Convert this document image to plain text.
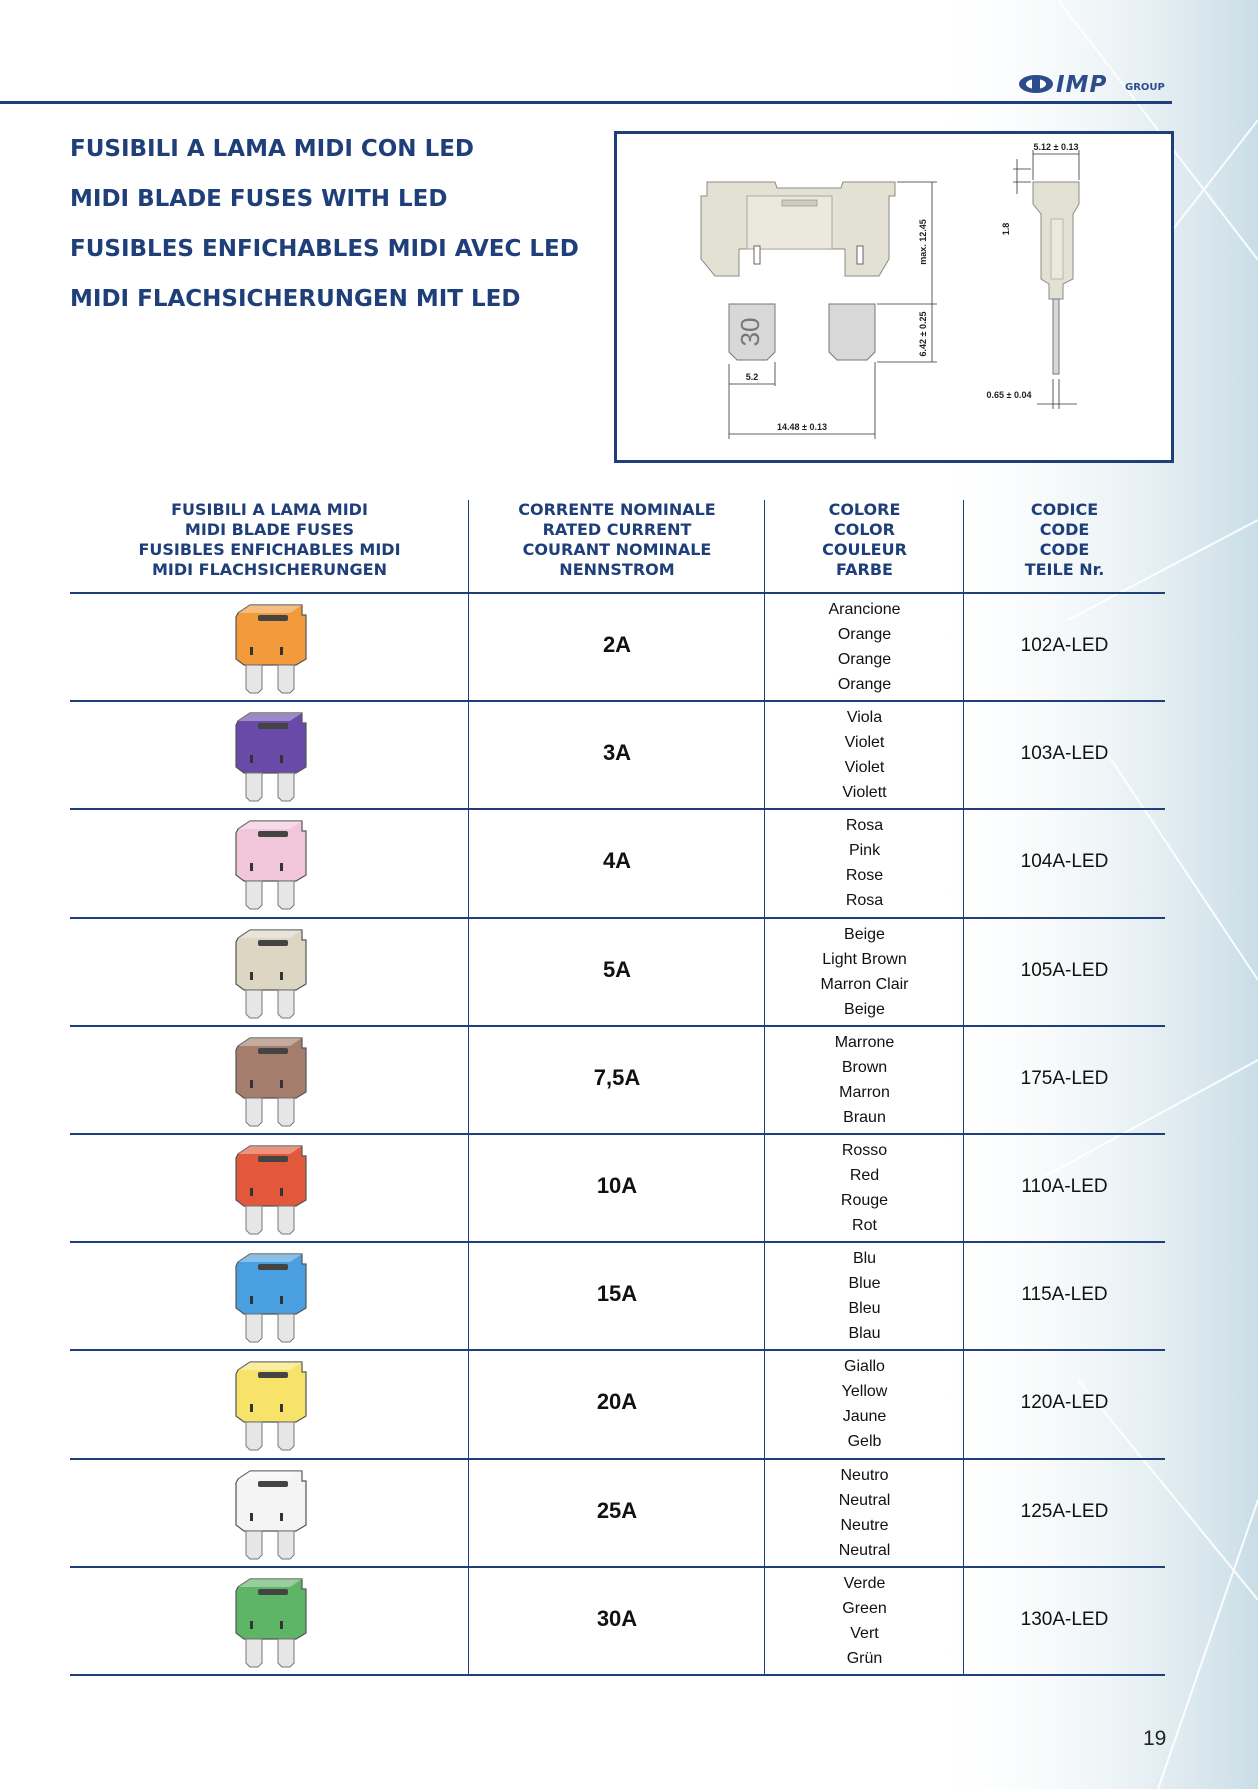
IMP GROUP
FUSIBILI A LAMA MIDI CON LED
MIDI BLADE FUSES WITH LED
FUSIBLES ENFICHABLES MIDI AVEC LED
MIDI FLACHSICHERUNGEN MIT LED
30
max. 12.45
6.42 ± 0.25
5.2
14.48 ± 0.13
5.12 ± 0.13
1.8
0.65 ± 0.04
FUSIBILI A LAMA MIDI
MIDI BLADE FUSES
FUSIBLES ENFICHABLES MIDI
MIDI FLACHSICHERUNGEN
CORRENTE NOMINALE
RATED CURRENT
COURANT NOMINALE
NENNSTROM
COLORE
COLOR
COULEUR
FARBE
CODICE
CODE
CODE
TEILE Nr.
2A
Arancione
Orange
Orange
Orange
102A-LED
3A
Viola
Violet
Violet
Violett
103A-LED
4A
Rosa
Pink
Rose
Rosa
104A-LED
5A
Beige
Light Brown
Marron Clair
Beige
105A-LED
7,5A
Marrone
Brown
Marron
Braun
175A-LED
10A
Rosso
Red
Rouge
Rot
110A-LED
15A
Blu
Blue
Bleu
Blau
115A-LED
20A
Giallo
Yellow
Jaune
Gelb
120A-LED
25A
Neutro
Neutral
Neutre
Neutral
125A-LED
30A
Verde
Green
Vert
Grün
130A-LED
19
